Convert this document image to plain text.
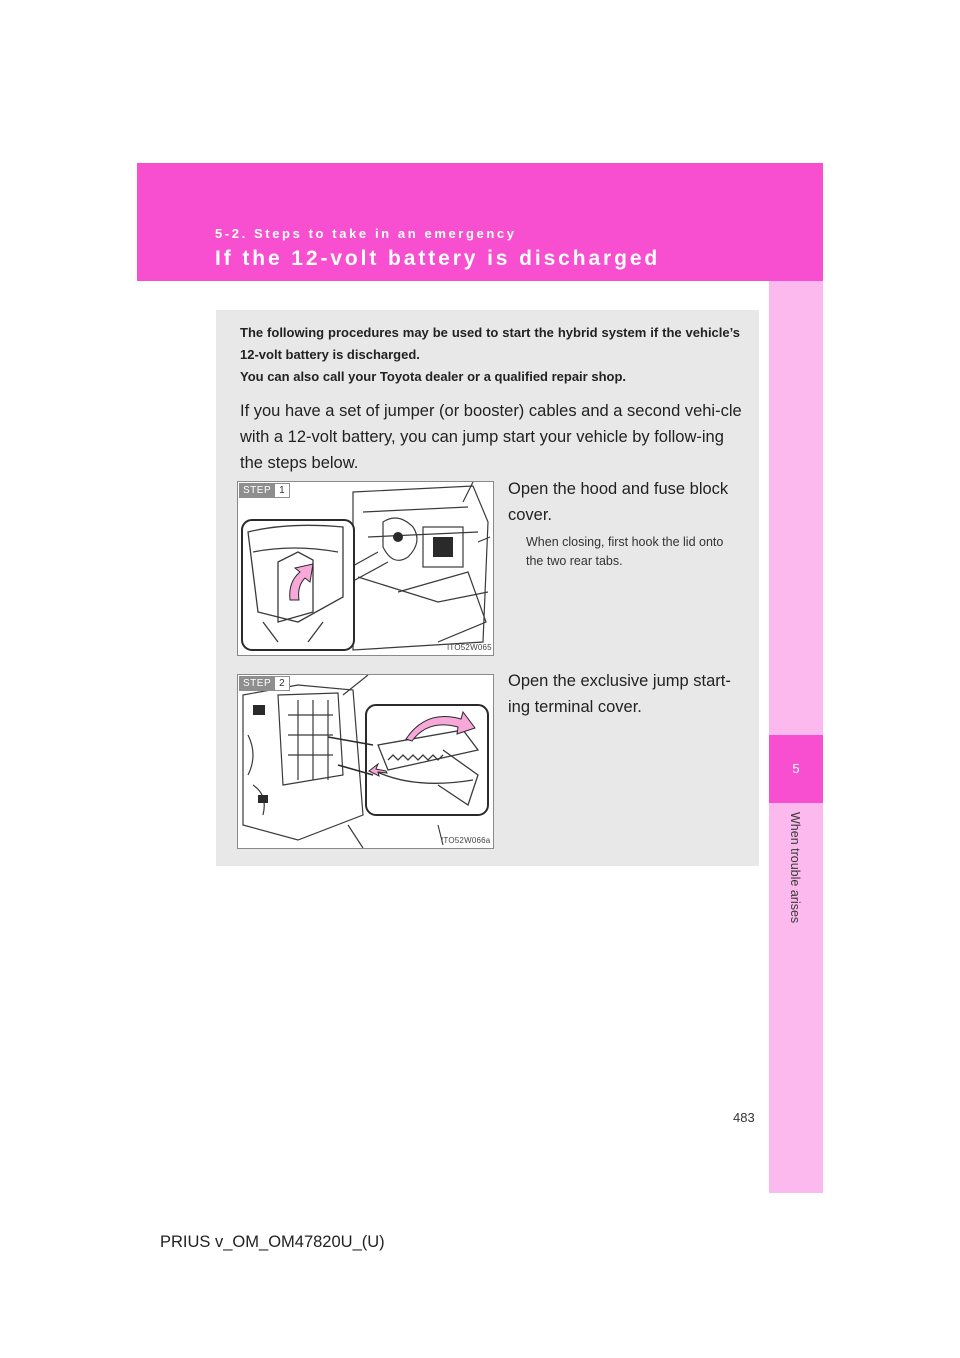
5-2. Steps to take in an emergency
If the 12-volt battery is discharged
5
When trouble arises

The following procedures may be used to start the hybrid system if the vehicle’s 12-volt battery is discharged.

You can also call your Toyota dealer or a qualified repair shop.

If you have a set of jumper (or booster) cables and a second vehi-cle with a 12-volt battery, you can jump start your vehicle by follow-ing the steps below.
STEP 1
ITO52W065
Open the hood and fuse block cover.
When closing, first hook the lid onto the two rear tabs.
STEP 2
ITO52W066a
Open the exclusive jump start-ing terminal cover.
483
PRIUS v_OM_OM47820U_(U)
